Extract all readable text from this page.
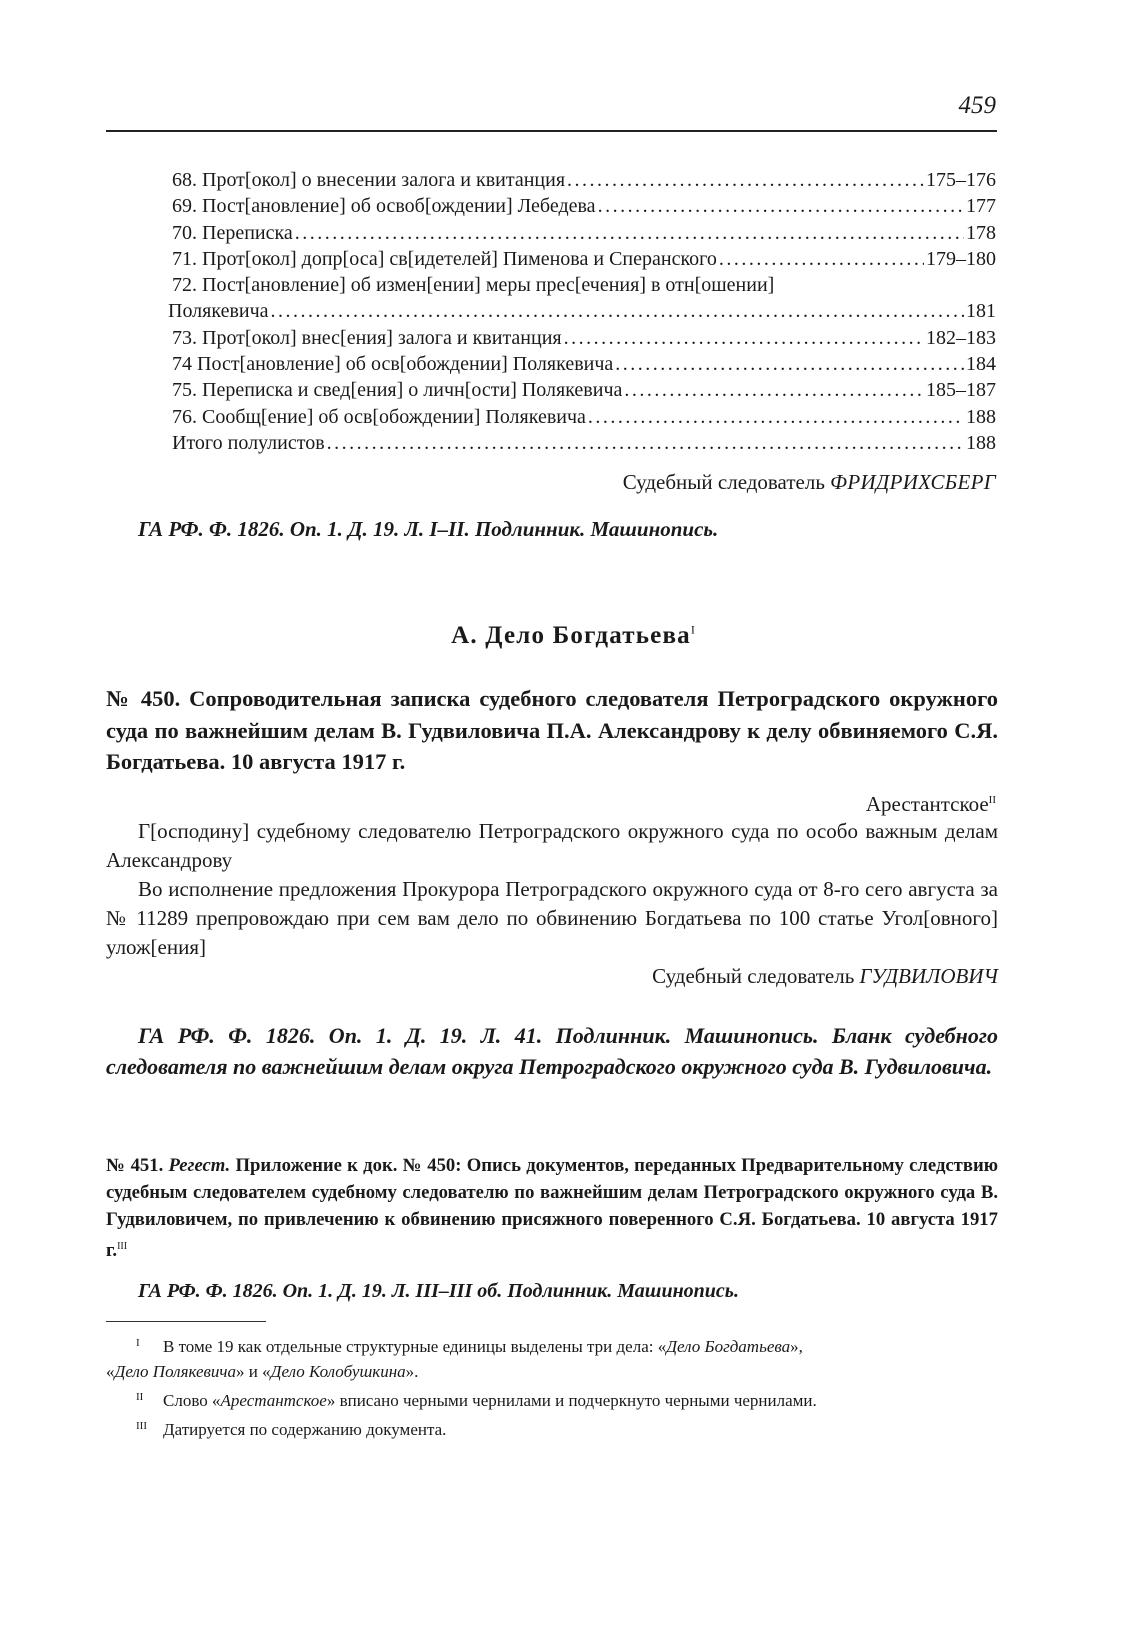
459
68. Прот[окол] о внесении залога и квитанция .....	175–176
69. Пост[ановление] об освоб[ождении] Лебедева .....	177
70. Переписка .....	178
71. Прот[окол] допр[оса] св[идетелей] Пименова и Сперанского .....	179–180
72. Пост[ановление] об измен[ении] меры прес[ечения] в отн[ошении]
Полякевича .....	181
73. Прот[окол] внес[ения] залога и квитанция .....	182–183
74 Пост[ановление] об осв[обождении] Полякевича .....	184
75. Переписка и свед[ения] о личн[ости] Полякевича .....	185–187
76. Сообщ[ение] об осв[обождении] Полякевича .....	188
Итого полулистов .....	188
Судебный следователь ФРИДРИХСБЕРГ
ГА РФ. Ф. 1826. Оп. 1. Д. 19. Л. I–II. Подлинник. Машинопись.
А. Дело Богдатьева$^I$
№ 450. Сопроводительная записка судебного следователя Петроградского окружного суда по важнейшим делам В. Гудвиловича П.А. Александрову к делу обвиняемого С.Я. Богдатьева. 10 августа 1917 г.
Арестантское$^{II}$

Г[осподину] судебному следователю Петроградского окружного суда по особо важным делам Александрову

Во исполнение предложения Прокурора Петроградского окружного суда от 8-го сего августа за № 11289 препровождаю при сем вам дело по обвинению Богдатьева по 100 статье Угол[овного] улож[ения]

Судебный следователь ГУДВИЛОВИЧ

ГА РФ. Ф. 1826. Оп. 1. Д. 19. Л. 41. Подлинник. Машинопись. Бланк судебного следователя по важнейшим делам округа Петроградского окружного суда В. Гудвиловича.
№ 451. Регест. Приложение к док. № 450: Опись документов, переданных Предварительному следствию судебным следователем судебному следователю по важнейшим делам Петроградского окружного суда В. Гудвиловичем, по привлечению к обвинению присяжного поверенного С.Я. Богдатьева. 10 августа 1917 г.$^{III}$
ГА РФ. Ф. 1826. Оп. 1. Д. 19. Л. III–III об. Подлинник. Машинопись.
I В томе 19 как отдельные структурные единицы выделены три дела: «Дело Богдатьева»,
«Дело Полякевича» и «Дело Колобушкина».
II Слово «Арестантское» вписано черными чернилами и подчеркнуто черными чернилами.
III Датируется по содержанию документа.
